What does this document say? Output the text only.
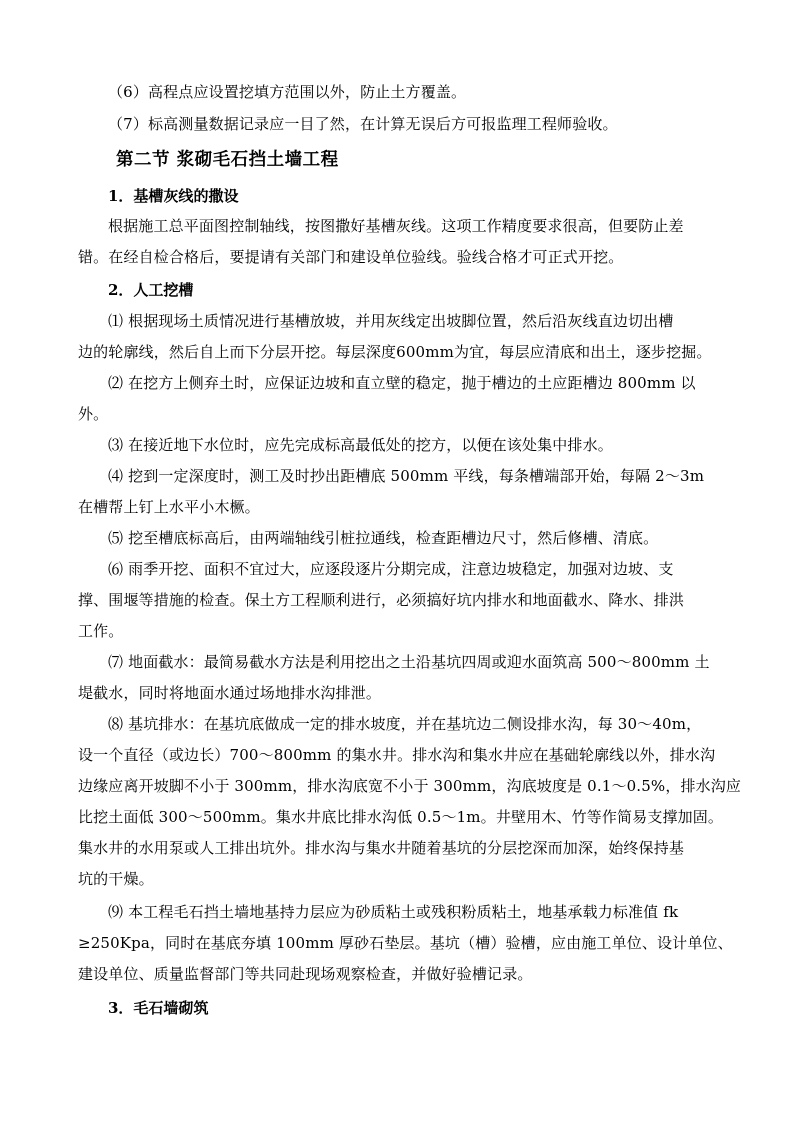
（6）高程点应设置挖填方范围以外，防止土方覆盖。
（7）标高测量数据记录应一目了然，在计算无误后方可报监理工程师验收。
第二节 浆砌毛石挡土墙工程
1．基槽灰线的撒设
根据施工总平面图控制轴线，按图撒好基槽灰线。这项工作精度要求很高，但要防止差
错。在经自检合格后，要提请有关部门和建设单位验线。验线合格才可正式开挖。
2．人工挖槽
⑴ 根据现场土质情况进行基槽放坡，并用灰线定出坡脚位置，然后沿灰线直边切出槽
边的轮廓线，然后自上而下分层开挖。每层深度600mm为宜，每层应清底和出土，逐步挖掘。
⑵ 在挖方上侧弃土时，应保证边坡和直立壁的稳定，抛于槽边的土应距槽边 800mm 以
外。
⑶ 在接近地下水位时，应先完成标高最低处的挖方，以便在该处集中排水。
⑷ 挖到一定深度时，测工及时抄出距槽底 500mm 平线，每条槽端部开始，每隔 2～3m
在槽帮上钉上水平小木橛。
⑸ 挖至槽底标高后，由两端轴线引桩拉通线，检查距槽边尺寸，然后修槽、清底。
⑹ 雨季开挖、面积不宜过大，应逐段逐片分期完成，注意边坡稳定，加强对边坡、支
撑、围堰等措施的检查。保土方工程顺利进行，必须搞好坑内排水和地面截水、降水、排洪
工作。
⑺ 地面截水：最简易截水方法是利用挖出之土沿基坑四周或迎水面筑高 500～800mm 土
堤截水，同时将地面水通过场地排水沟排泄。
⑻ 基坑排水：在基坑底做成一定的排水坡度，并在基坑边二侧设排水沟，每 30～40m，
设一个直径（或边长）700～800mm 的集水井。排水沟和集水井应在基础轮廓线以外，排水沟
边缘应离开坡脚不小于 300mm，排水沟底宽不小于 300mm，沟底坡度是 0.1～0.5%，排水沟应
比挖土面低 300～500mm。集水井底比排水沟低 0.5～1m。井壁用木、竹等作简易支撑加固。
集水井的水用泵或人工排出坑外。排水沟与集水井随着基坑的分层挖深而加深，始终保持基
坑的干燥。
⑼ 本工程毛石挡土墙地基持力层应为砂质粘土或残积粉质粘土，地基承载力标准值 fk
≥250Kpa，同时在基底夯填 100mm 厚砂石垫层。基坑（槽）验槽，应由施工单位、设计单位、
建设单位、质量监督部门等共同赴现场观察检查，并做好验槽记录。
3．毛石墙砌筑
